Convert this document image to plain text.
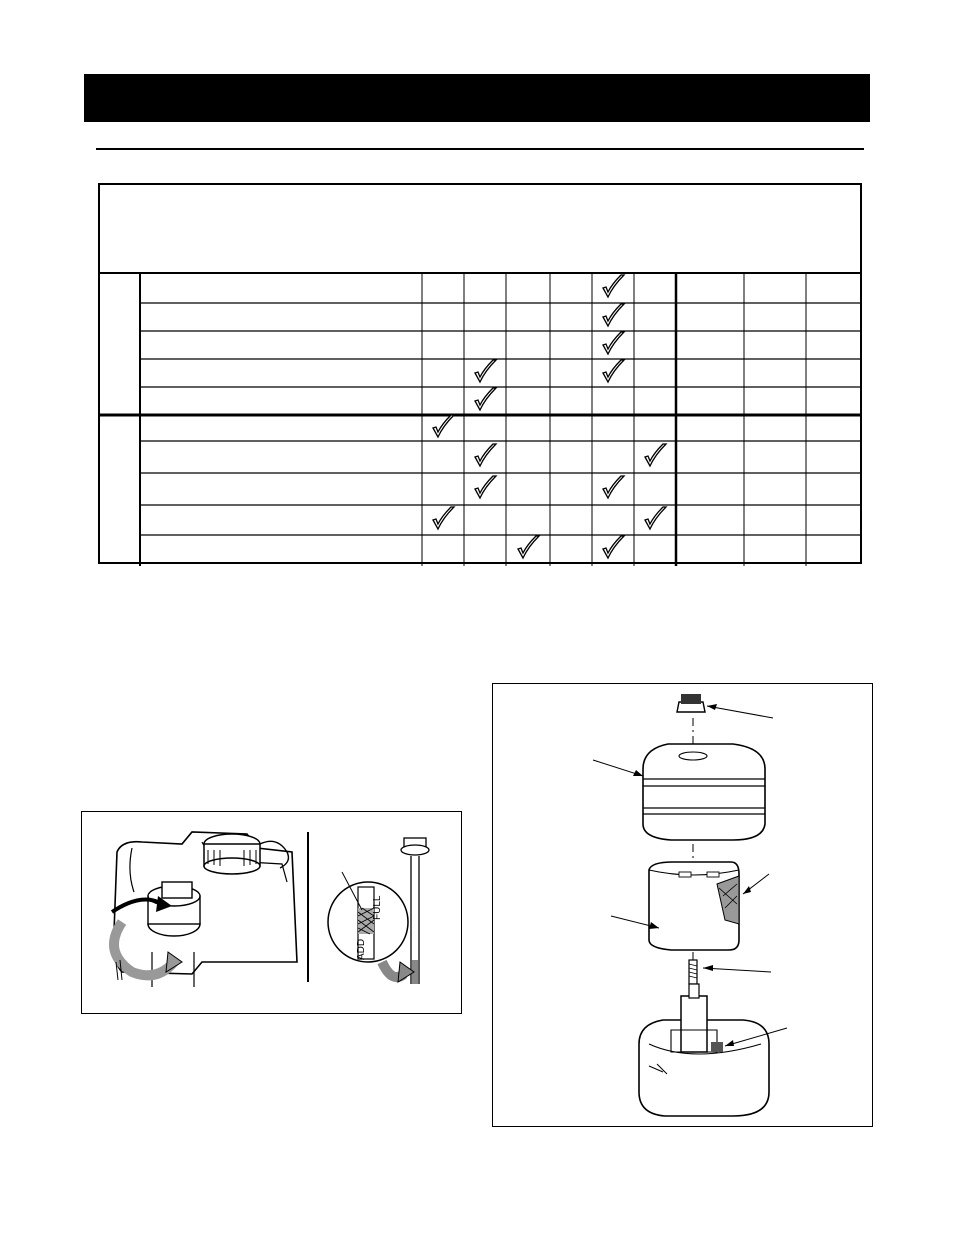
FULL
ADD
